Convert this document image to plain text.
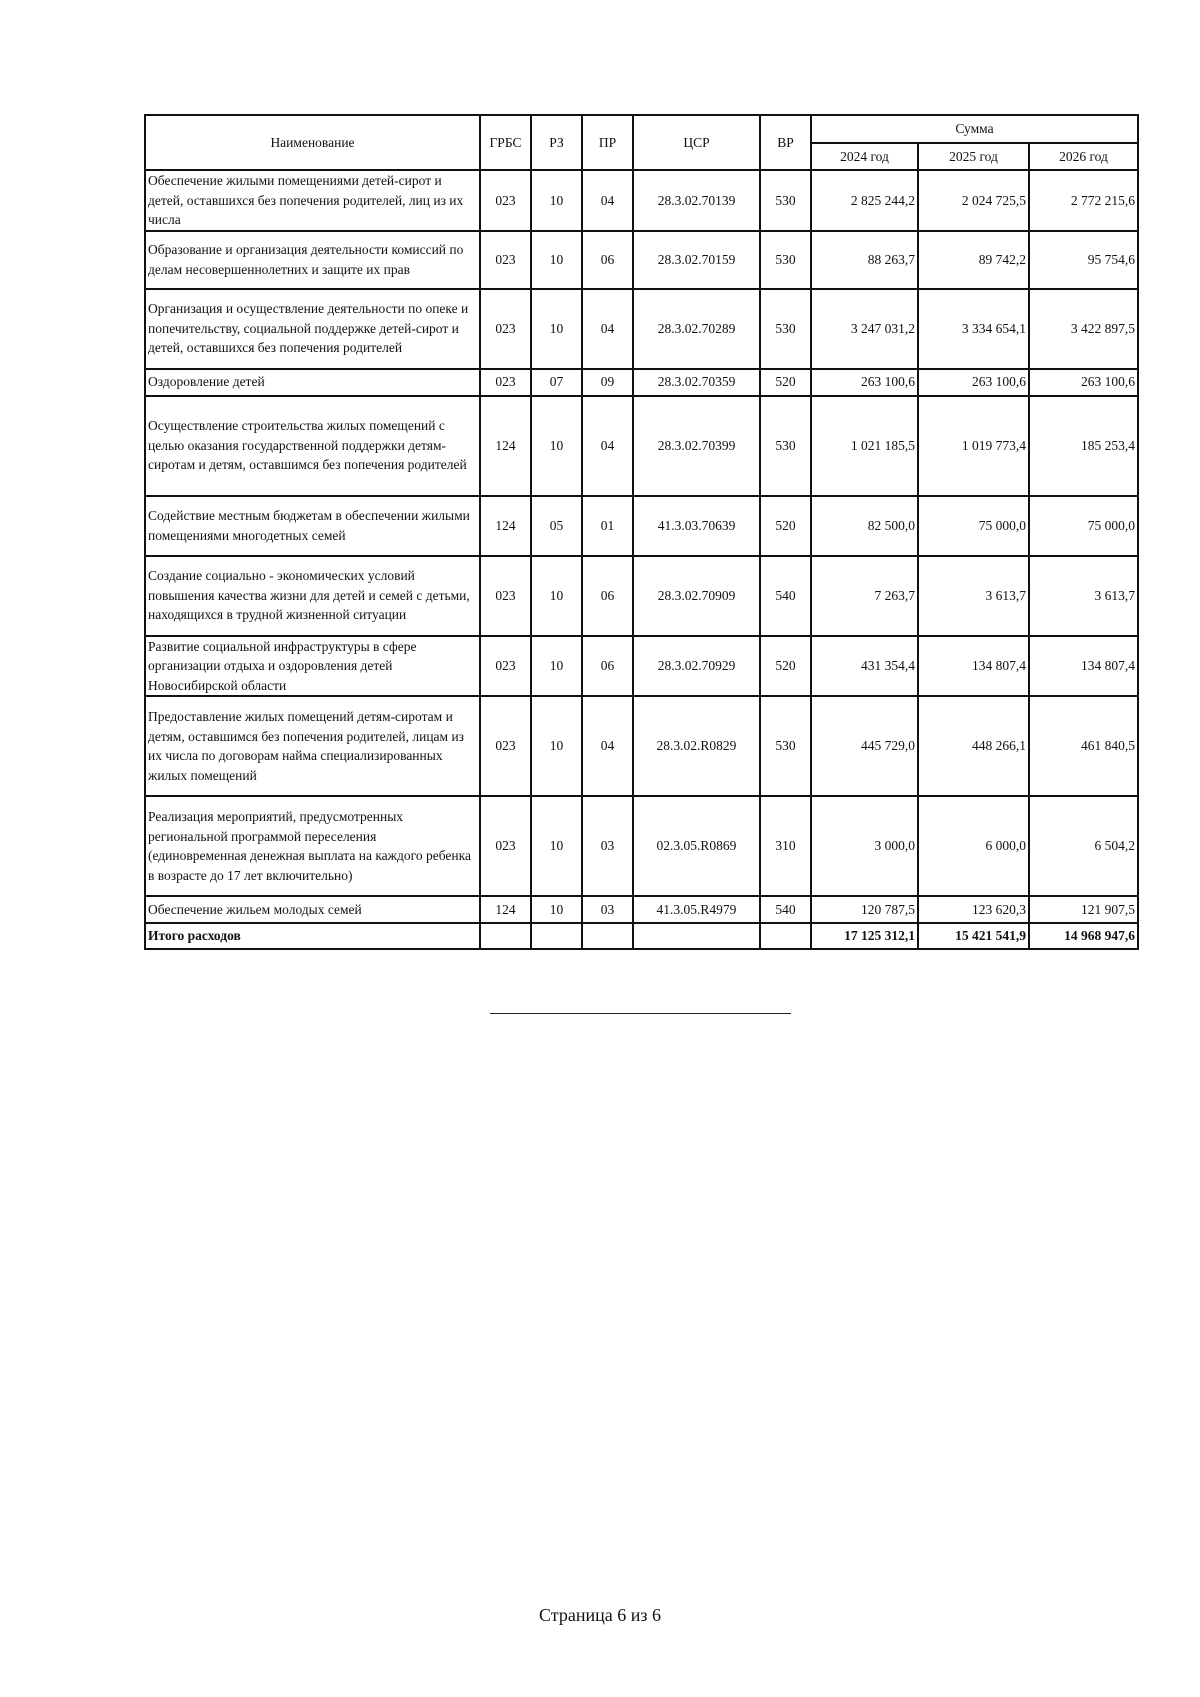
Наименование	ГРБС	РЗ	ПР	ЦСР	ВР	Сумма		
						2024 год	2025 год	2026 год
Обеспечение жилыми помещениями детей-сирот и детей, оставшихся без попечения родителей, лиц из их числа	023	10	04	28.3.02.70139	530	2 825 244,2	2 024 725,5	2 772 215,6
Образование и организация деятельности комиссий по делам несовершеннолетних и защите их прав	023	10	06	28.3.02.70159	530	88 263,7	89 742,2	95 754,6
Организация и осуществление деятельности по опеке и попечительству, социальной поддержке детей-сирот и детей, оставшихся без попечения родителей	023	10	04	28.3.02.70289	530	3 247 031,2	3 334 654,1	3 422 897,5
Оздоровление детей	023	07	09	28.3.02.70359	520	263 100,6	263 100,6	263 100,6
Осуществление строительства жилых помещений с целью оказания государственной поддержки детям-сиротам и детям, оставшимся без попечения родителей	124	10	04	28.3.02.70399	530	1 021 185,5	1 019 773,4	185 253,4
Содействие местным бюджетам в обеспечении жилыми помещениями многодетных семей	124	05	01	41.3.03.70639	520	82 500,0	75 000,0	75 000,0
Создание социально - экономических условий повышения качества жизни для детей и семей с детьми, находящихся в трудной жизненной ситуации	023	10	06	28.3.02.70909	540	7 263,7	3 613,7	3 613,7
Развитие социальной инфраструктуры в сфере организации отдыха и оздоровления детей Новосибирской области	023	10	06	28.3.02.70929	520	431 354,4	134 807,4	134 807,4
Предоставление жилых помещений детям-сиротам и детям, оставшимся без попечения родителей, лицам из их числа по договорам найма специализированных жилых помещений	023	10	04	28.3.02.R0829	530	445 729,0	448 266,1	461 840,5
Реализация мероприятий, предусмотренных региональной программой переселения (единовременная денежная выплата на каждого ребенка в возрасте до 17 лет включительно)	023	10	03	02.3.05.R0869	310	3 000,0	6 000,0	6 504,2
Обеспечение жильем молодых семей	124	10	03	41.3.05.R4979	540	120 787,5	123 620,3	121 907,5
Итого расходов						17 125 312,1	15 421 541,9	14 968 947,6
Страница 6 из 6
